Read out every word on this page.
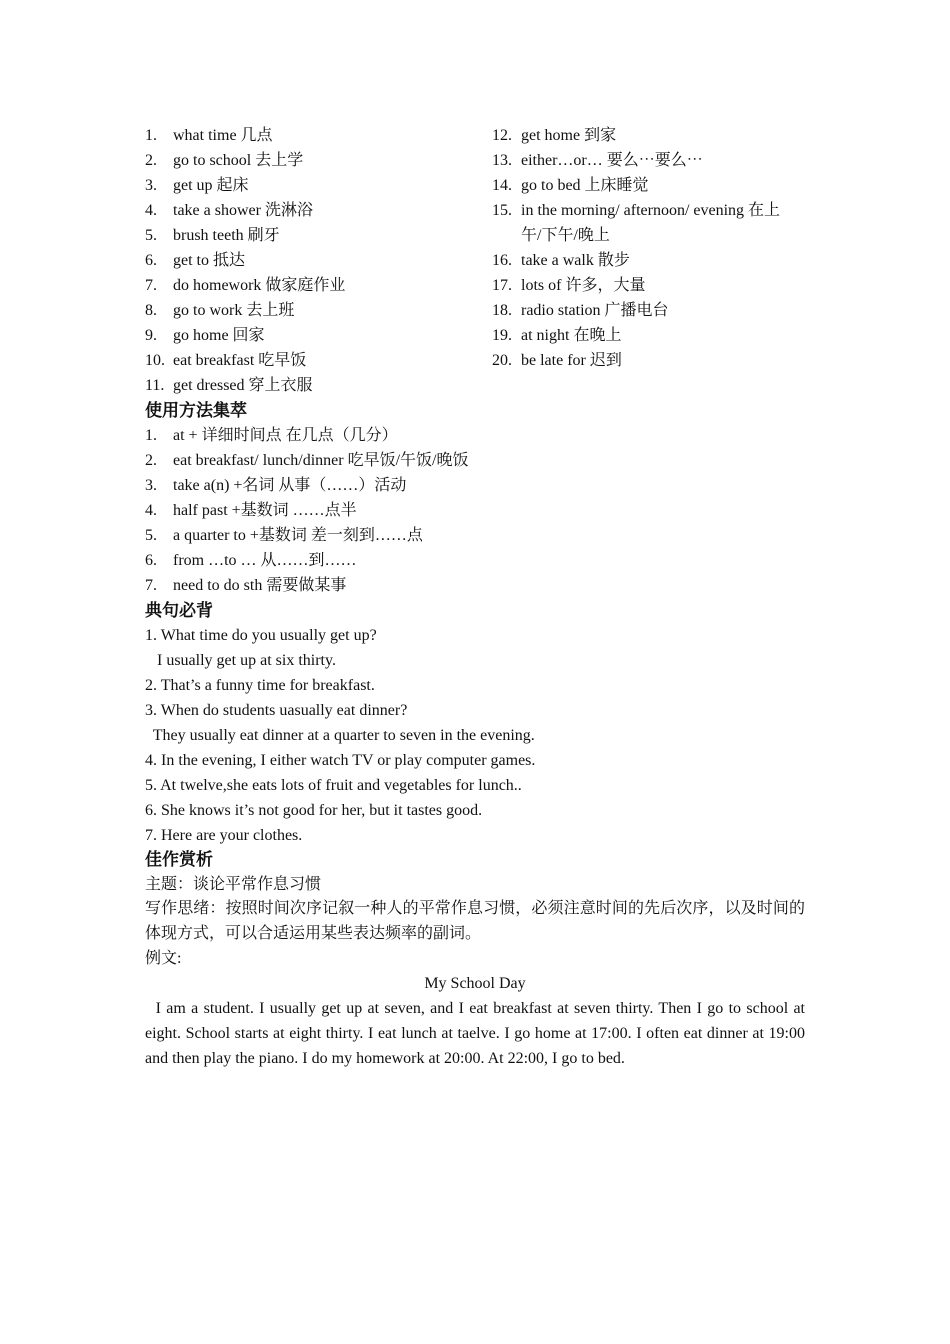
1. what time 几点
2. go to school 去上学
3. get up 起床
4. take a shower 洗淋浴
5. brush teeth 刷牙
6. get to 抵达
7. do homework 做家庭作业
8. go to work 去上班
9. go home 回家
10. eat breakfast 吃早饭
11. get dressed 穿上衣服
12. get home 到家
13. either…or… 要么⋯要么⋯
14. go to bed 上床睡觉
15. in the morning/ afternoon/ evening 在上
午/下午/晚上
16. take a walk 散步
17. lots of 许多，大量
18. radio station 广播电台
19. at night 在晚上
20. be late for 迟到
使用方法集萃
1. at + 详细时间点 在几点（几分）
2. eat breakfast/ lunch/dinner 吃早饭/午饭/晚饭
3. take a(n) +名词 从事（……）活动
4. half past +基数词 ……点半
5. a quarter to +基数词 差一刻到……点
6. from …to … 从……到……
7. need to do sth 需要做某事
典句必背
1. What time do you usually get up?
I usually get up at six thirty.
2. That’s a funny time for breakfast.
3. When do students uasually eat dinner?
They usually eat dinner at a quarter to seven in the evening.
4. In the evening, I either watch TV or play computer games.
5. At twelve,she eats lots of fruit and vegetables for lunch..
6. She knows it’s not good for her, but it tastes good.
7. Here are your clothes.
佳作赏析
主题：谈论平常作息习惯

写作思绪：按照时间次序记叙一种人的平常作息习惯，必须注意时间的先后次序，以及时间的体现方式，可以合适运用某些表达频率的副词。

例文:
My School Day

I am a student. I usually get up at seven, and I eat breakfast at seven thirty. Then I go to school at eight. School starts at eight thirty. I eat lunch at taelve. I go home at 17:00. I often eat dinner at 19:00 and then play the piano. I do my homework at 20:00. At 22:00, I go to bed.
